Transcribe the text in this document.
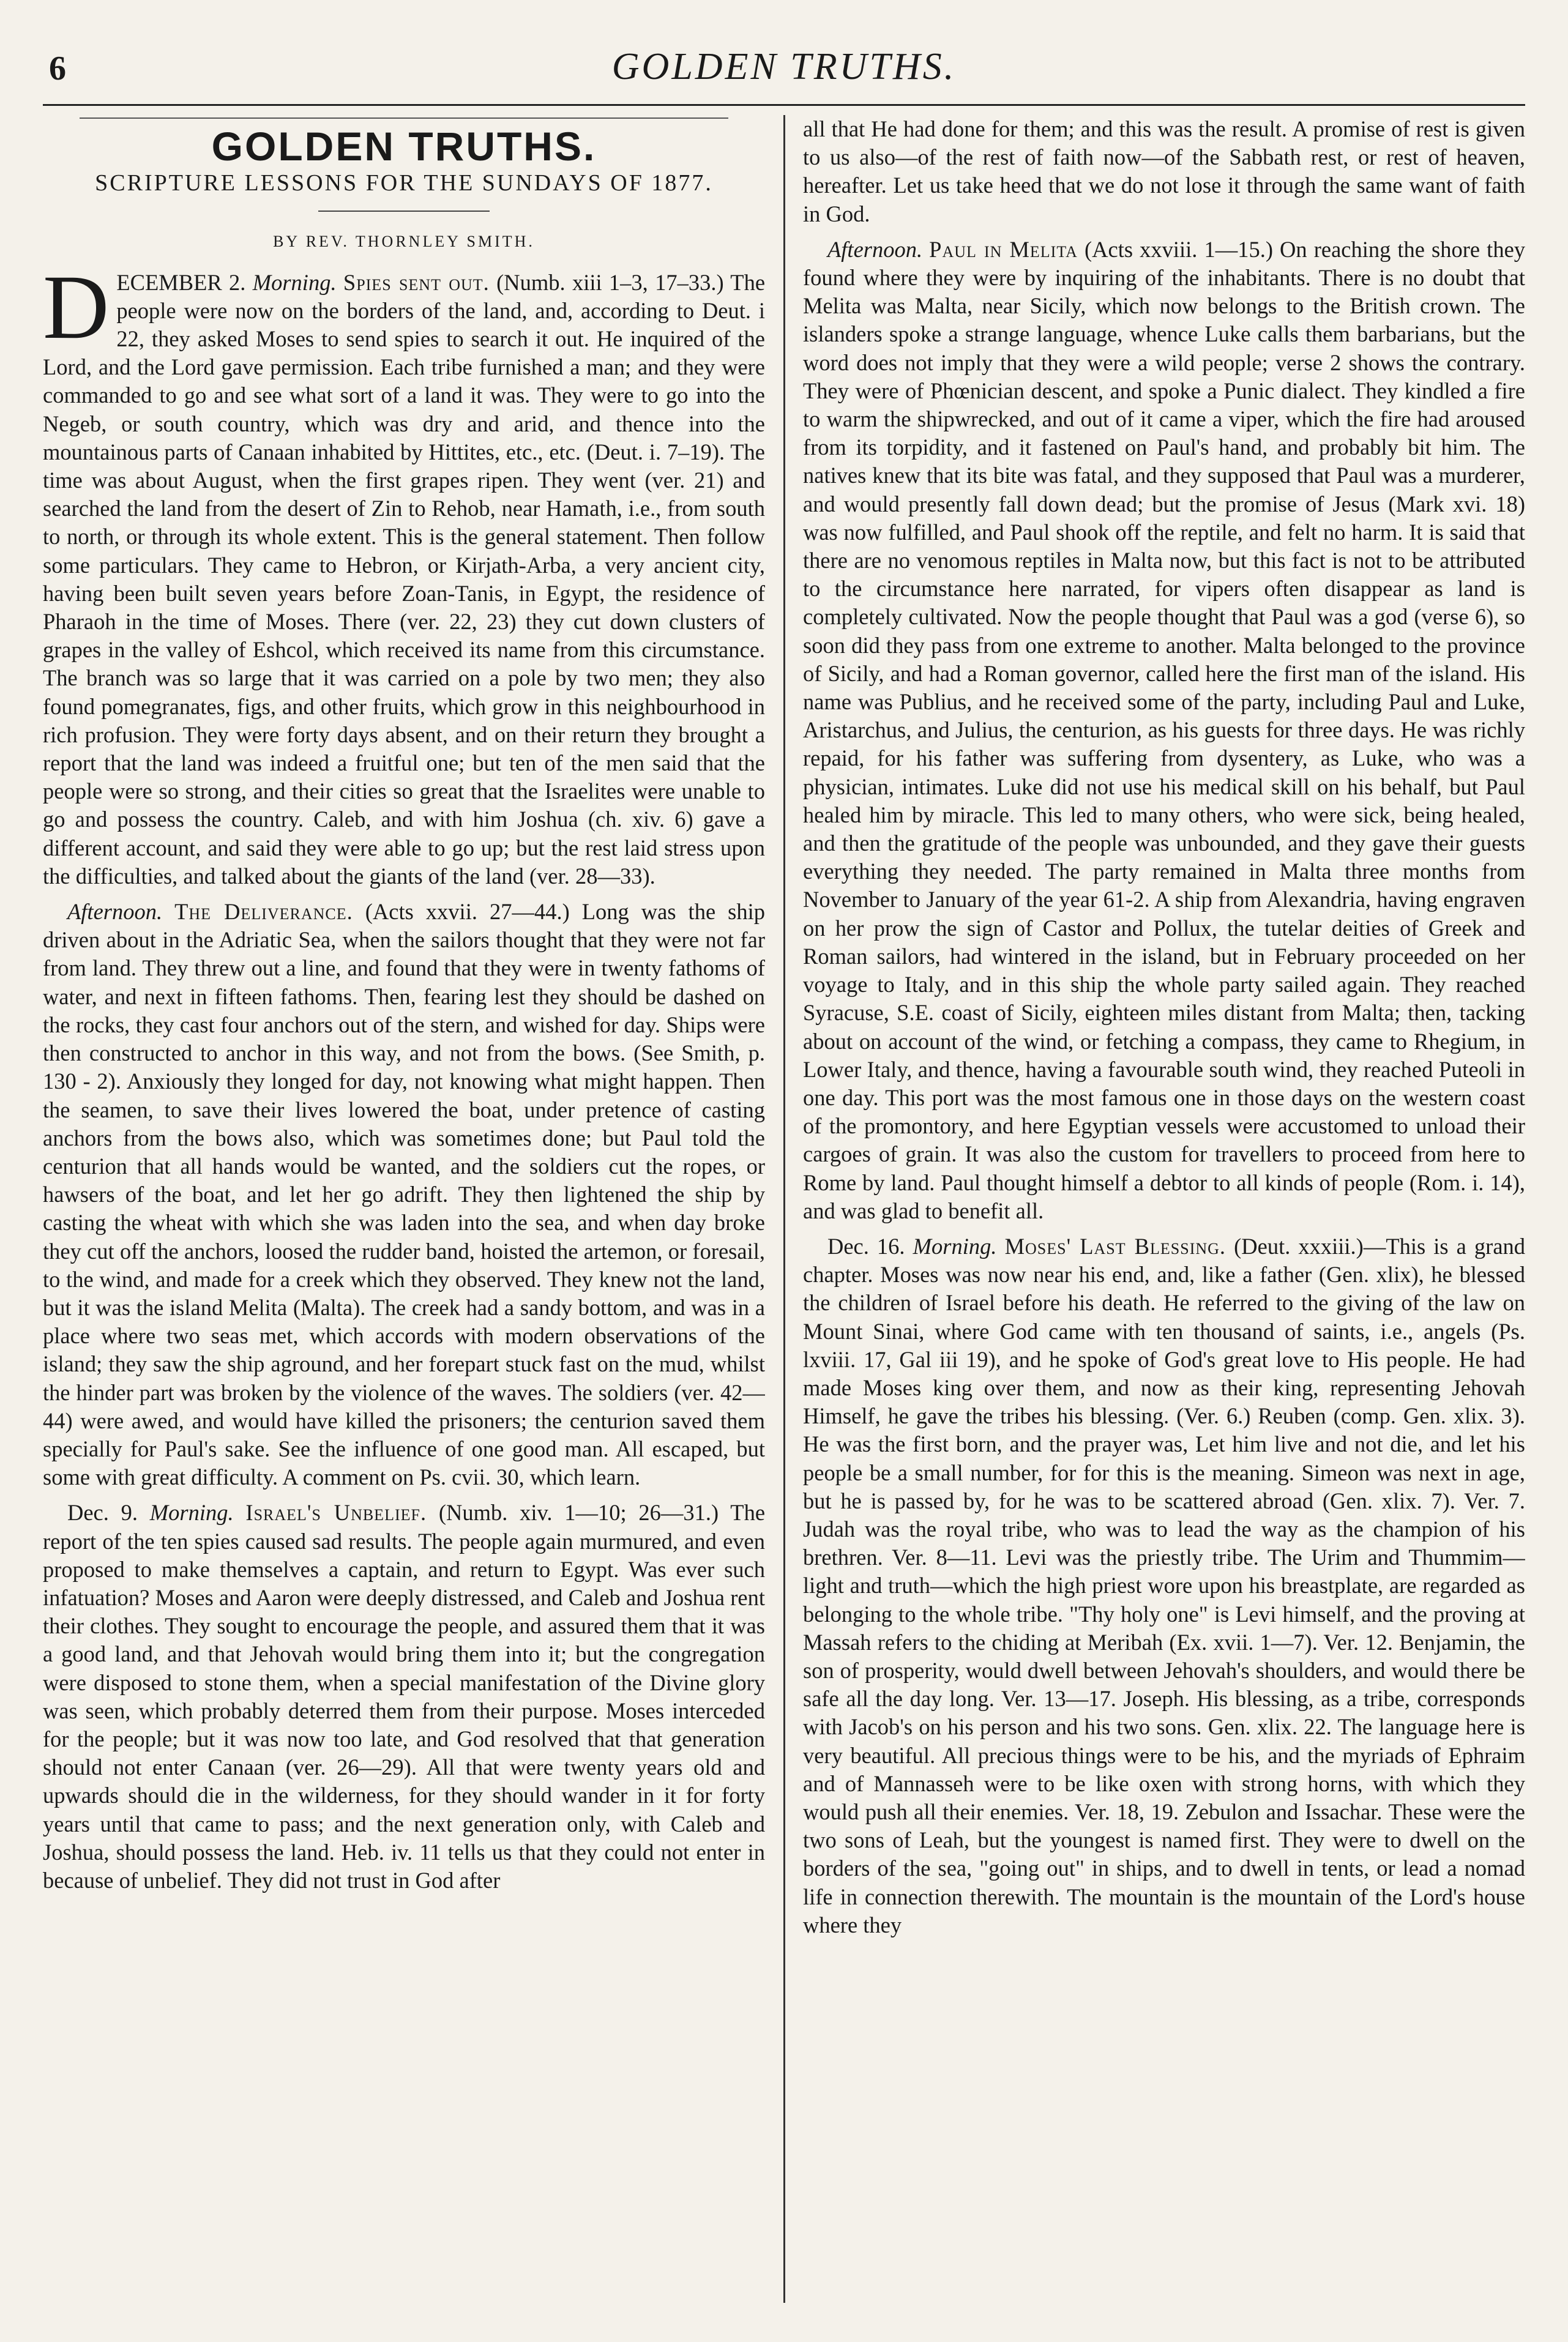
6	GOLDEN TRUTHS.
GOLDEN TRUTHS.
SCRIPTURE LESSONS FOR THE SUNDAYS OF 1877.
BY REV. THORNLEY SMITH.

DECEMBER 2. Morning. Spies sent out. (Numb. xiii 1–3, 17–33.) The people were now on the borders of the land, and, according to Deut. i 22, they asked Moses to send spies to search it out. He inquired of the Lord, and the Lord gave permission. Each tribe furnished a man; and they were commanded to go and see what sort of a land it was. They were to go into the Negeb, or south country, which was dry and arid, and thence into the mountainous parts of Canaan inhabited by Hittites, etc., etc. (Deut. i. 7–19). The time was about August, when the first grapes ripen. They went (ver. 21) and searched the land from the desert of Zin to Rehob, near Hamath, i.e., from south to north, or through its whole extent. This is the general statement. Then follow some particulars. They came to Hebron, or Kirjath-Arba, a very ancient city, having been built seven years before Zoan-Tanis, in Egypt, the residence of Pharaoh in the time of Moses. There (ver. 22, 23) they cut down clusters of grapes in the valley of Eshcol, which received its name from this circumstance. The branch was so large that it was carried on a pole by two men; they also found pomegranates, figs, and other fruits, which grow in this neighbourhood in rich profusion. They were forty days absent, and on their return they brought a report that the land was indeed a fruitful one; but ten of the men said that the people were so strong, and their cities so great that the Israelites were unable to go and possess the country. Caleb, and with him Joshua (ch. xiv. 6) gave a different account, and said they were able to go up; but the rest laid stress upon the difficulties, and talked about the giants of the land (ver. 28—33).

Afternoon. The Deliverance. (Acts xxvii. 27—44.) Long was the ship driven about in the Adriatic Sea, when the sailors thought that they were not far from land. They threw out a line, and found that they were in twenty fathoms of water, and next in fifteen fathoms. Then, fearing lest they should be dashed on the rocks, they cast four anchors out of the stern, and wished for day. Ships were then constructed to anchor in this way, and not from the bows. (See Smith, p. 130 - 2). Anxiously they longed for day, not knowing what might happen. Then the seamen, to save their lives lowered the boat, under pretence of casting anchors from the bows also, which was sometimes done; but Paul told the centurion that all hands would be wanted, and the soldiers cut the ropes, or hawsers of the boat, and let her go adrift. They then lightened the ship by casting the wheat with which she was laden into the sea, and when day broke they cut off the anchors, loosed the rudder band, hoisted the artemon, or foresail, to the wind, and made for a creek which they observed. They knew not the land, but it was the island Melita (Malta). The creek had a sandy bottom, and was in a place where two seas met, which accords with modern observations of the island; they saw the ship aground, and her forepart stuck fast on the mud, whilst the hinder part was broken by the violence of the waves. The soldiers (ver. 42—44) were awed, and would have killed the prisoners; the centurion saved them specially for Paul's sake. See the influence of one good man. All escaped, but some with great difficulty. A comment on Ps. cvii. 30, which learn.

Dec. 9. Morning. Israel's Unbelief. (Numb. xiv. 1—10; 26—31.) The report of the ten spies caused sad results. The people again murmured, and even proposed to make themselves a captain, and return to Egypt. Was ever such infatuation? Moses and Aaron were deeply distressed, and Caleb and Joshua rent their clothes. They sought to encourage the people, and assured them that it was a good land, and that Jehovah would bring them into it; but the congregation were disposed to stone them, when a special manifestation of the Divine glory was seen, which probably deterred them from their purpose. Moses interceded for the people; but it was now too late, and God resolved that that generation should not enter Canaan (ver. 26—29). All that were twenty years old and upwards should die in the wilderness, for they should wander in it for forty years until that came to pass; and the next generation only, with Caleb and Joshua, should possess the land. Heb. iv. 11 tells us that they could not enter in because of unbelief. They did not trust in God after

all that He had done for them; and this was the result. A promise of rest is given to us also—of the rest of faith now—of the Sabbath rest, or rest of heaven, hereafter. Let us take heed that we do not lose it through the same want of faith in God.

Afternoon. Paul in Melita (Acts xxviii. 1—15.) On reaching the shore they found where they were by inquiring of the inhabitants. There is no doubt that Melita was Malta, near Sicily, which now belongs to the British crown. The islanders spoke a strange language, whence Luke calls them barbarians, but the word does not imply that they were a wild people; verse 2 shows the contrary. They were of Phœnician descent, and spoke a Punic dialect. They kindled a fire to warm the shipwrecked, and out of it came a viper, which the fire had aroused from its torpidity, and it fastened on Paul's hand, and probably bit him. The natives knew that its bite was fatal, and they supposed that Paul was a murderer, and would presently fall down dead; but the promise of Jesus (Mark xvi. 18) was now fulfilled, and Paul shook off the reptile, and felt no harm. It is said that there are no venomous reptiles in Malta now, but this fact is not to be attributed to the circumstance here narrated, for vipers often disappear as land is completely cultivated. Now the people thought that Paul was a god (verse 6), so soon did they pass from one extreme to another. Malta belonged to the province of Sicily, and had a Roman governor, called here the first man of the island. His name was Publius, and he received some of the party, including Paul and Luke, Aristarchus, and Julius, the centurion, as his guests for three days. He was richly repaid, for his father was suffering from dysentery, as Luke, who was a physician, intimates. Luke did not use his medical skill on his behalf, but Paul healed him by miracle. This led to many others, who were sick, being healed, and then the gratitude of the people was unbounded, and they gave their guests everything they needed. The party remained in Malta three months from November to January of the year 61-2. A ship from Alexandria, having engraven on her prow the sign of Castor and Pollux, the tutelar deities of Greek and Roman sailors, had wintered in the island, but in February proceeded on her voyage to Italy, and in this ship the whole party sailed again. They reached Syracuse, S.E. coast of Sicily, eighteen miles distant from Malta; then, tacking about on account of the wind, or fetching a compass, they came to Rhegium, in Lower Italy, and thence, having a favourable south wind, they reached Puteoli in one day. This port was the most famous one in those days on the western coast of the promontory, and here Egyptian vessels were accustomed to unload their cargoes of grain. It was also the custom for travellers to proceed from here to Rome by land. Paul thought himself a debtor to all kinds of people (Rom. i. 14), and was glad to benefit all.

Dec. 16. Morning. Moses' Last Blessing. (Deut. xxxiii.)—This is a grand chapter. Moses was now near his end, and, like a father (Gen. xlix), he blessed the children of Israel before his death. He referred to the giving of the law on Mount Sinai, where God came with ten thousand of saints, i.e., angels (Ps. lxviii. 17, Gal iii 19), and he spoke of God's great love to His people. He had made Moses king over them, and now as their king, representing Jehovah Himself, he gave the tribes his blessing. (Ver. 6.) Reuben (comp. Gen. xlix. 3). He was the first born, and the prayer was, Let him live and not die, and let his people be a small number, for for this is the meaning. Simeon was next in age, but he is passed by, for he was to be scattered abroad (Gen. xlix. 7). Ver. 7. Judah was the royal tribe, who was to lead the way as the champion of his brethren. Ver. 8—11. Levi was the priestly tribe. The Urim and Thummim—light and truth—which the high priest wore upon his breastplate, are regarded as belonging to the whole tribe. "Thy holy one" is Levi himself, and the proving at Massah refers to the chiding at Meribah (Ex. xvii. 1—7). Ver. 12. Benjamin, the son of prosperity, would dwell between Jehovah's shoulders, and would there be safe all the day long. Ver. 13—17. Joseph. His blessing, as a tribe, corresponds with Jacob's on his person and his two sons. Gen. xlix. 22. The language here is very beautiful. All precious things were to be his, and the myriads of Ephraim and of Mannasseh were to be like oxen with strong horns, with which they would push all their enemies. Ver. 18, 19. Zebulon and Issachar. These were the two sons of Leah, but the youngest is named first. They were to dwell on the borders of the sea, "going out" in ships, and to dwell in tents, or lead a nomad life in connection therewith. The mountain is the mountain of the Lord's house where they
